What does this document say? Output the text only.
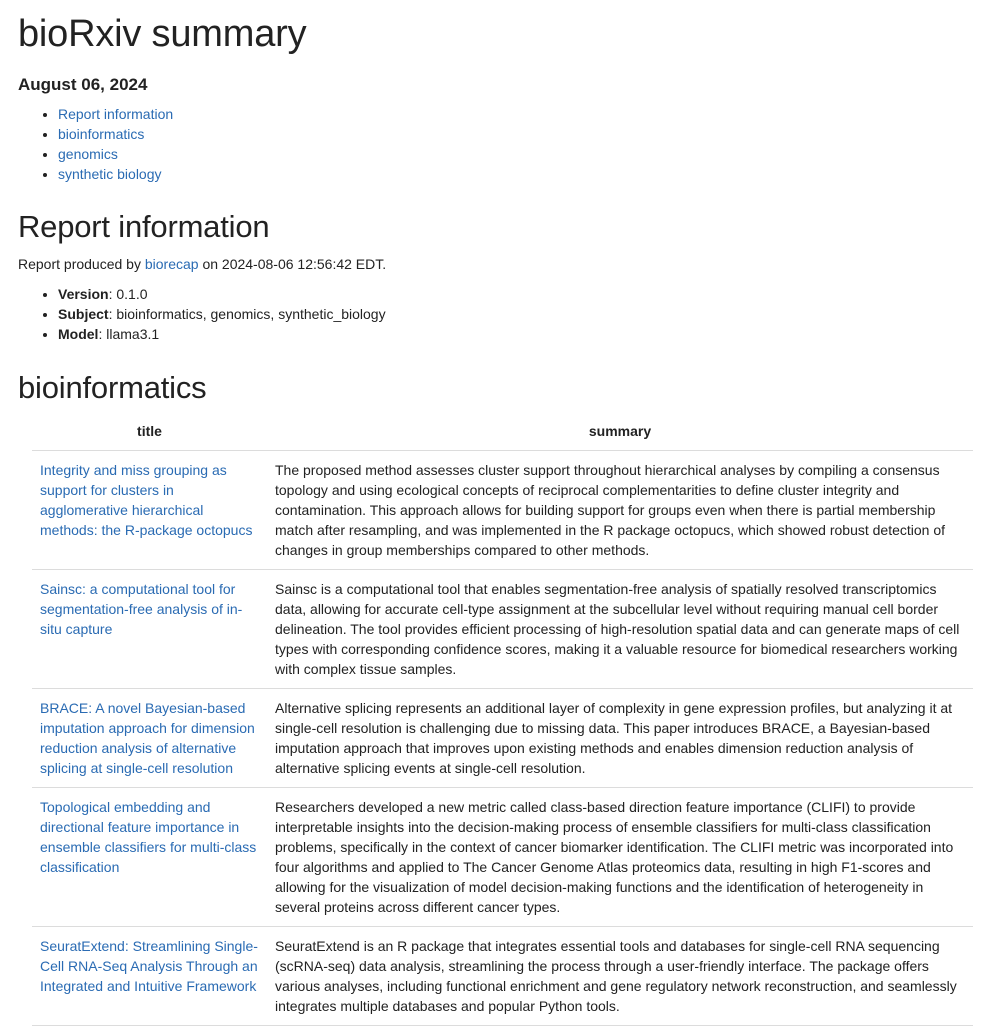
bioRxiv summary
August 06, 2024
• Report information
• bioinformatics
• genomics
• synthetic biology
Report information
Report produced by biorecap on 2024-08-06 12:56:42 EDT.
• Version: 0.1.0
• Subject: bioinformatics, genomics, synthetic_biology
• Model: llama3.1
bioinformatics
title	summary
Integrity and miss grouping as support for clusters in agglomerative hierarchical methods: the R-package octopucs	The proposed method assesses cluster support throughout hierarchical analyses by compiling a consensus topology and using ecological concepts of reciprocal complementarities to define cluster integrity and contamination. This approach allows for building support for groups even when there is partial membership match after resampling, and was implemented in the R package octopucs, which showed robust detection of changes in group memberships compared to other methods.
Sainsc: a computational tool for segmentation-free analysis of in-situ capture	Sainsc is a computational tool that enables segmentation-free analysis of spatially resolved transcriptomics data, allowing for accurate cell-type assignment at the subcellular level without requiring manual cell border delineation. The tool provides efficient processing of high-resolution spatial data and can generate maps of cell types with corresponding confidence scores, making it a valuable resource for biomedical researchers working with complex tissue samples.
BRACE: A novel Bayesian-based imputation approach for dimension reduction analysis of alternative splicing at single-cell resolution	Alternative splicing represents an additional layer of complexity in gene expression profiles, but analyzing it at single-cell resolution is challenging due to missing data. This paper introduces BRACE, a Bayesian-based imputation approach that improves upon existing methods and enables dimension reduction analysis of alternative splicing events at single-cell resolution.
Topological embedding and directional feature importance in ensemble classifiers for multi-class classification	Researchers developed a new metric called class-based direction feature importance (CLIFI) to provide interpretable insights into the decision-making process of ensemble classifiers for multi-class classification problems, specifically in the context of cancer biomarker identification. The CLIFI metric was incorporated into four algorithms and applied to The Cancer Genome Atlas proteomics data, resulting in high F1-scores and allowing for the visualization of model decision-making functions and the identification of heterogeneity in several proteins across different cancer types.
SeuratExtend: Streamlining Single-Cell RNA-Seq Analysis Through an Integrated and Intuitive Framework	SeuratExtend is an R package that integrates essential tools and databases for single-cell RNA sequencing (scRNA-seq) data analysis, streamlining the process through a user-friendly interface. The package offers various analyses, including functional enrichment and gene regulatory network reconstruction, and seamlessly integrates multiple databases and popular Python tools.
